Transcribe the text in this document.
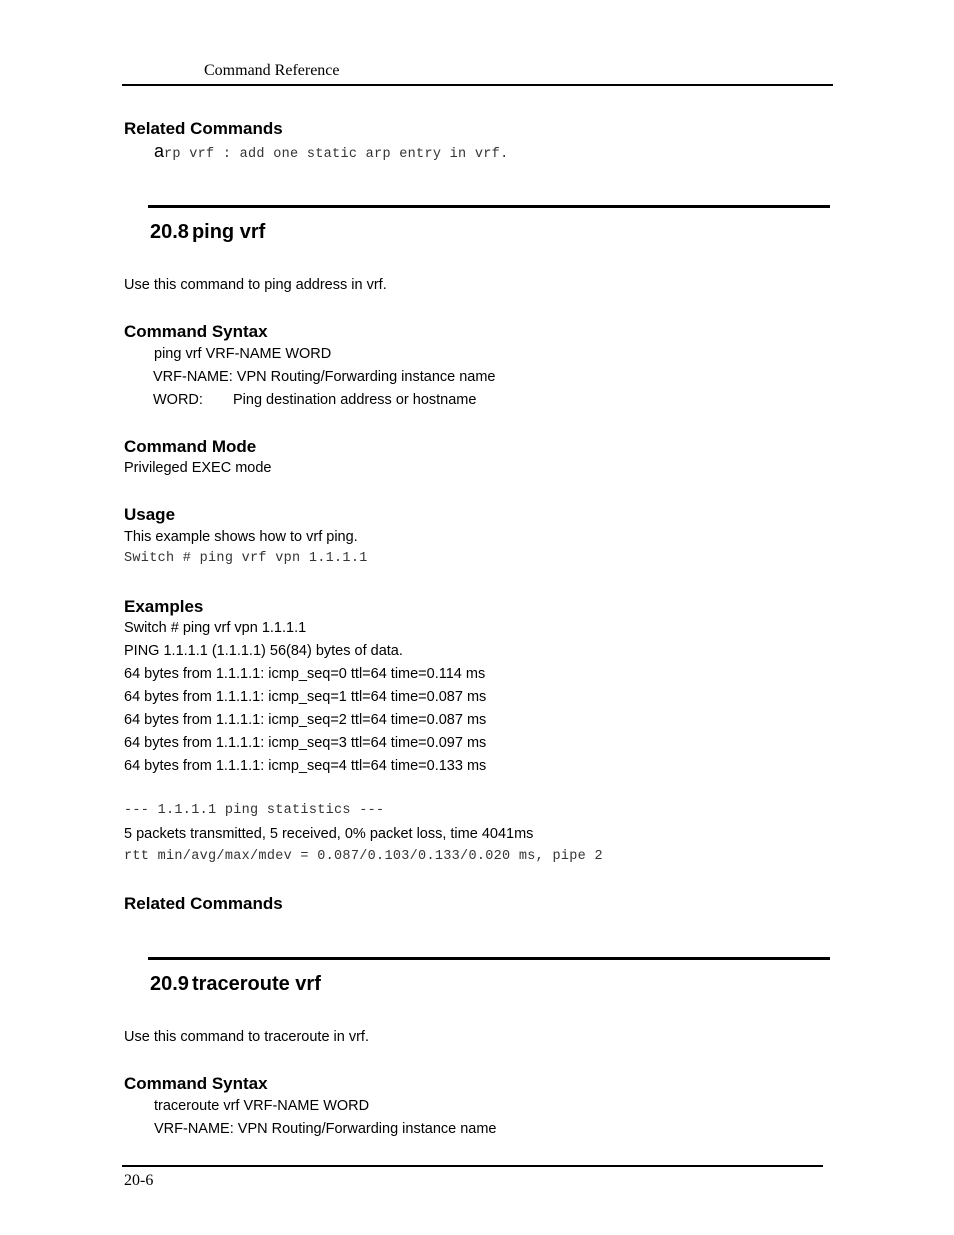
Command Reference
Related Commands
arp vrf : add one static arp entry in vrf.
20.8 ping vrf
Use this command to ping address in vrf.
Command Syntax
ping vrf VRF-NAME WORD
VRF-NAME: VPN Routing/Forwarding instance name
WORD: Ping destination address or hostname
Command Mode
Privileged EXEC mode
Usage
This example shows how to vrf ping.
Switch # ping vrf vpn 1.1.1.1
Examples
Switch # ping vrf vpn 1.1.1.1
PING 1.1.1.1 (1.1.1.1) 56(84) bytes of data.
64 bytes from 1.1.1.1: icmp_seq=0 ttl=64 time=0.114 ms
64 bytes from 1.1.1.1: icmp_seq=1 ttl=64 time=0.087 ms
64 bytes from 1.1.1.1: icmp_seq=2 ttl=64 time=0.087 ms
64 bytes from 1.1.1.1: icmp_seq=3 ttl=64 time=0.097 ms
64 bytes from 1.1.1.1: icmp_seq=4 ttl=64 time=0.133 ms
--- 1.1.1.1 ping statistics ---
5 packets transmitted, 5 received, 0% packet loss, time 4041ms
rtt min/avg/max/mdev = 0.087/0.103/0.133/0.020 ms, pipe 2
Related Commands
20.9 traceroute vrf
Use this command to traceroute in vrf.
Command Syntax
traceroute vrf VRF-NAME WORD
VRF-NAME: VPN Routing/Forwarding instance name
20-6
